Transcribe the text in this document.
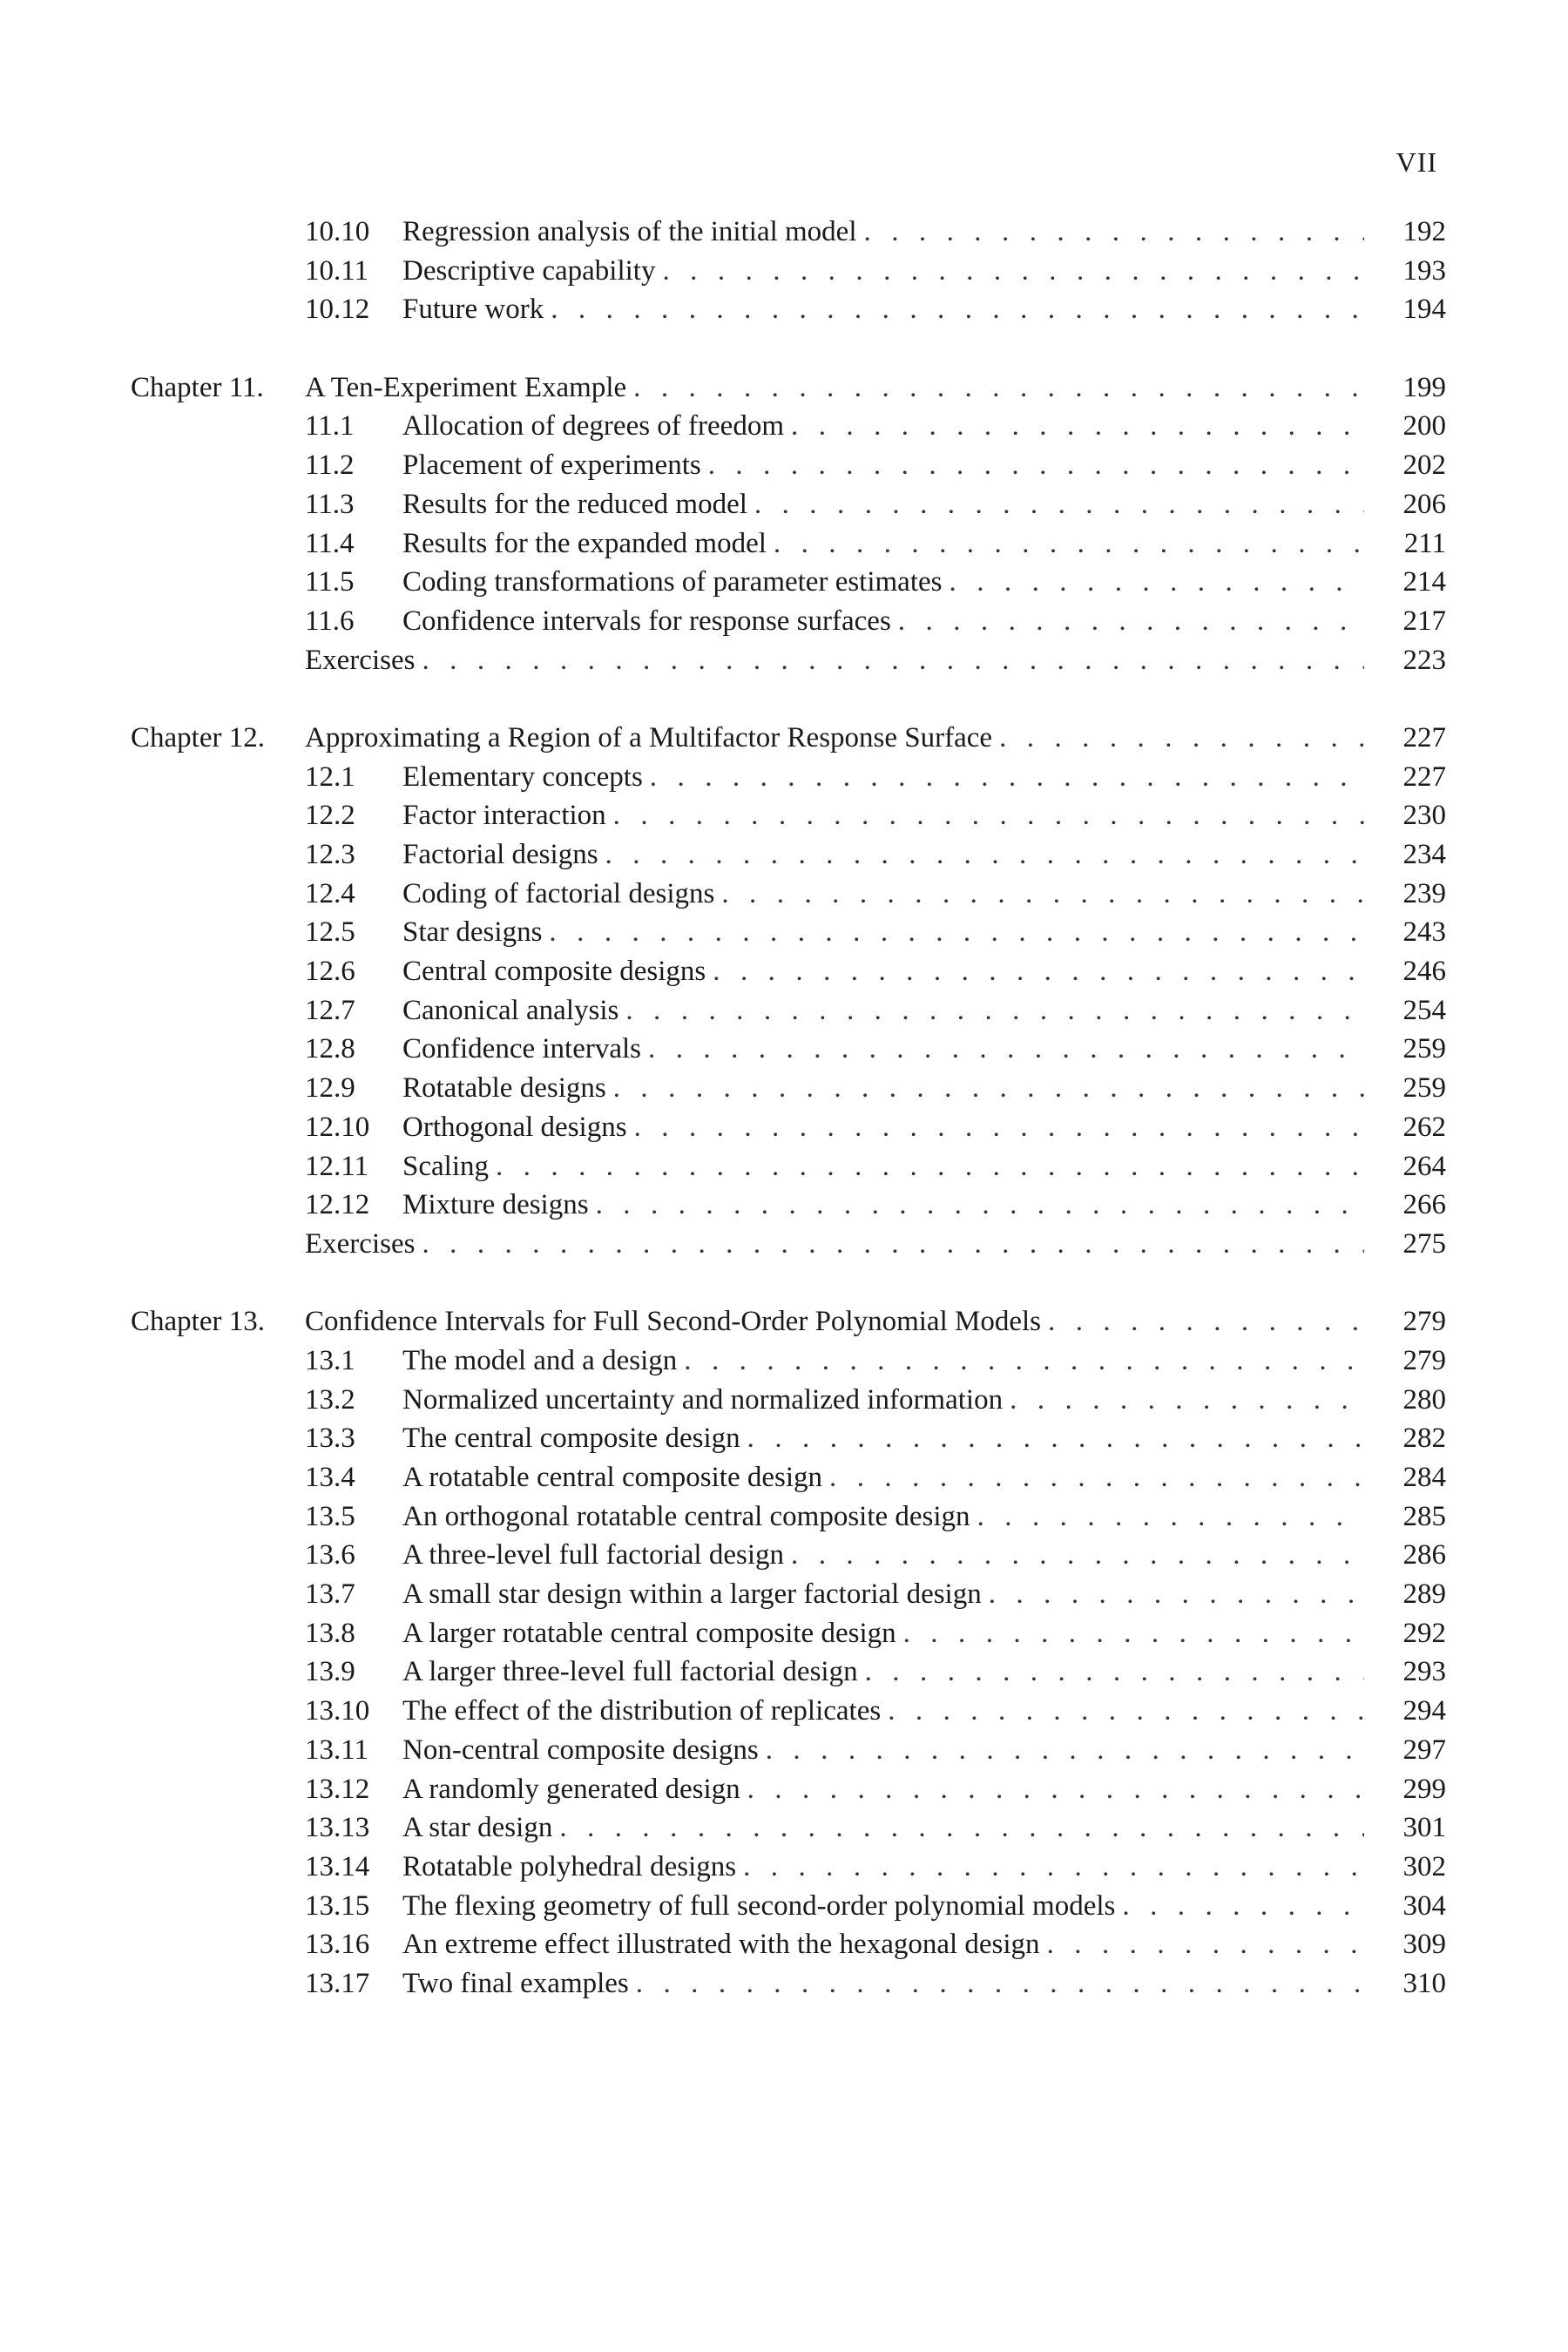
VII
10.10	Regression analysis of the initial model . . .	192
10.11	Descriptive capability . . .	193
10.12	Future work . . .	194
Chapter 11.	A Ten-Experiment Example . . .	199
11.1	Allocation of degrees of freedom . . .	200
11.2	Placement of experiments . . .	202
11.3	Results for the reduced model . . .	206
11.4	Results for the expanded model . . .	211
11.5	Coding transformations of parameter estimates . . .	214
11.6	Confidence intervals for response surfaces . . .	217
Exercises . . .	223
Chapter 12.	Approximating a Region of a Multifactor Response Surface . . .	227
12.1	Elementary concepts . . .	227
12.2	Factor interaction . . .	230
12.3	Factorial designs . . .	234
12.4	Coding of factorial designs . . .	239
12.5	Star designs . . .	243
12.6	Central composite designs . . .	246
12.7	Canonical analysis . . .	254
12.8	Confidence intervals . . .	259
12.9	Rotatable designs . . .	259
12.10	Orthogonal designs . . .	262
12.11	Scaling . . .	264
12.12	Mixture designs . . .	266
Exercises . . .	275
Chapter 13.	Confidence Intervals for Full Second-Order Polynomial Models . . .	279
13.1	The model and a design . . .	279
13.2	Normalized uncertainty and normalized information . . .	280
13.3	The central composite design . . .	282
13.4	A rotatable central composite design . . .	284
13.5	An orthogonal rotatable central composite design . . .	285
13.6	A three-level full factorial design . . .	286
13.7	A small star design within a larger factorial design . . .	289
13.8	A larger rotatable central composite design . . .	292
13.9	A larger three-level full factorial design . . .	293
13.10	The effect of the distribution of replicates . . .	294
13.11	Non-central composite designs . . .	297
13.12	A randomly generated design . . .	299
13.13	A star design . . .	301
13.14	Rotatable polyhedral designs . . .	302
13.15	The flexing geometry of full second-order polynomial models . . .	304
13.16	An extreme effect illustrated with the hexagonal design . . .	309
13.17	Two final examples . . .	310
